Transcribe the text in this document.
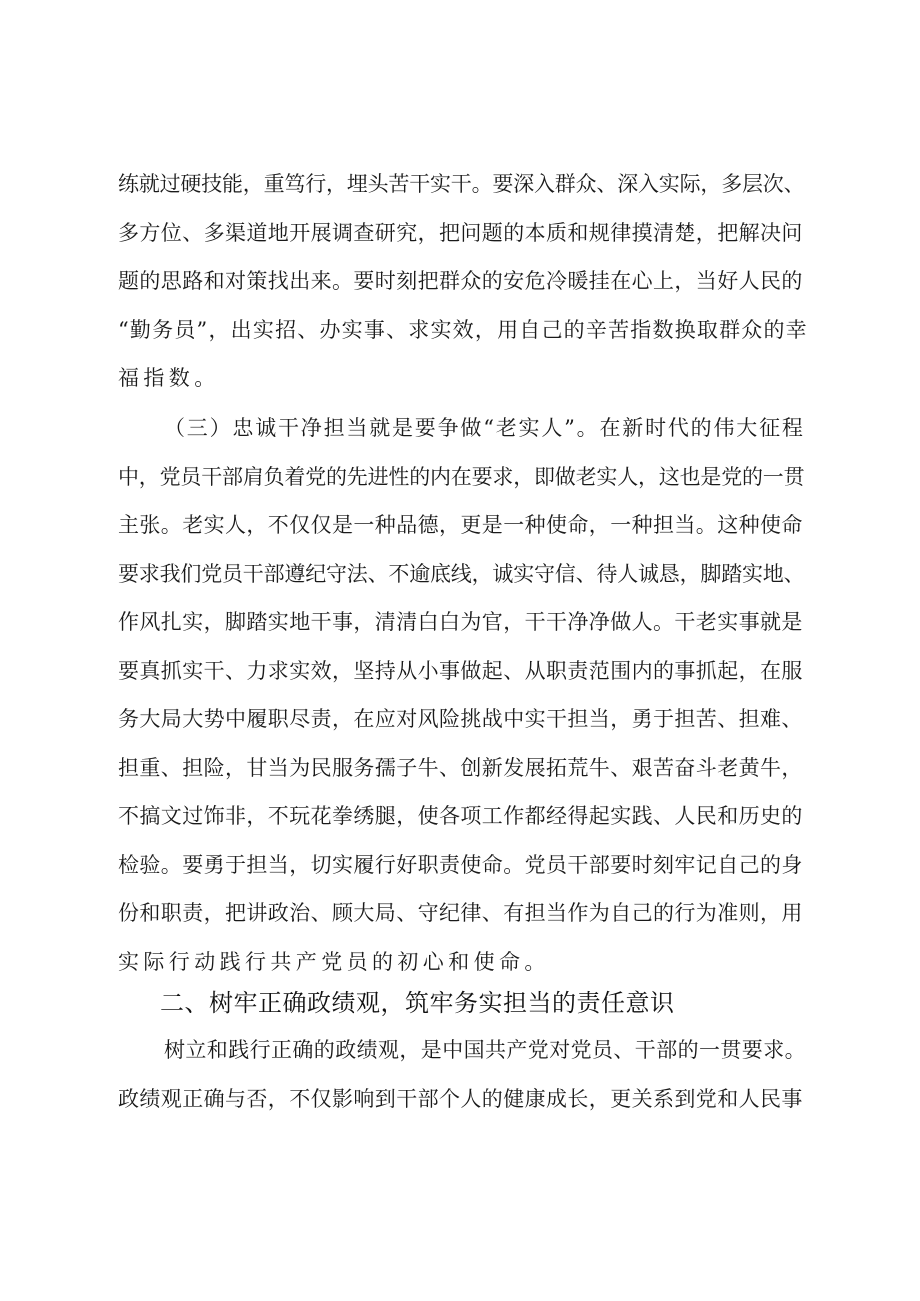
练就过硬技能，重笃行，埋头苦干实干。要深入群众、深入实际，多层次、
多方位、多渠道地开展调查研究，把问题的本质和规律摸清楚，把解决问
题的思路和对策找出来。要时刻把群众的安危冷暖挂在心上，当好人民的
“勤务员”，出实招、办实事、求实效，用自己的辛苦指数换取群众的幸
福指数。
（三）忠诚干净担当就是要争做“老实人”。在新时代的伟大征程
中，党员干部肩负着党的先进性的内在要求，即做老实人，这也是党的一贯
主张。老实人，不仅仅是一种品德，更是一种使命，一种担当。这种使命
要求我们党员干部遵纪守法、不逾底线，诚实守信、待人诚恳，脚踏实地、
作风扎实，脚踏实地干事，清清白白为官，干干净净做人。干老实事就是
要真抓实干、力求实效，坚持从小事做起、从职责范围内的事抓起，在服
务大局大势中履职尽责，在应对风险挑战中实干担当，勇于担苦、担难、
担重、担险，甘当为民服务孺子牛、创新发展拓荒牛、艰苦奋斗老黄牛，
不搞文过饰非，不玩花拳绣腿，使各项工作都经得起实践、人民和历史的
检验。要勇于担当，切实履行好职责使命。党员干部要时刻牢记自己的身
份和职责，把讲政治、顾大局、守纪律、有担当作为自己的行为准则，用
实际行动践行共产党员的初心和使命。
二、树牢正确政绩观，筑牢务实担当的责任意识
树立和践行正确的政绩观，是中国共产党对党员、干部的一贯要求。
政绩观正确与否，不仅影响到干部个人的健康成长，更关系到党和人民事
